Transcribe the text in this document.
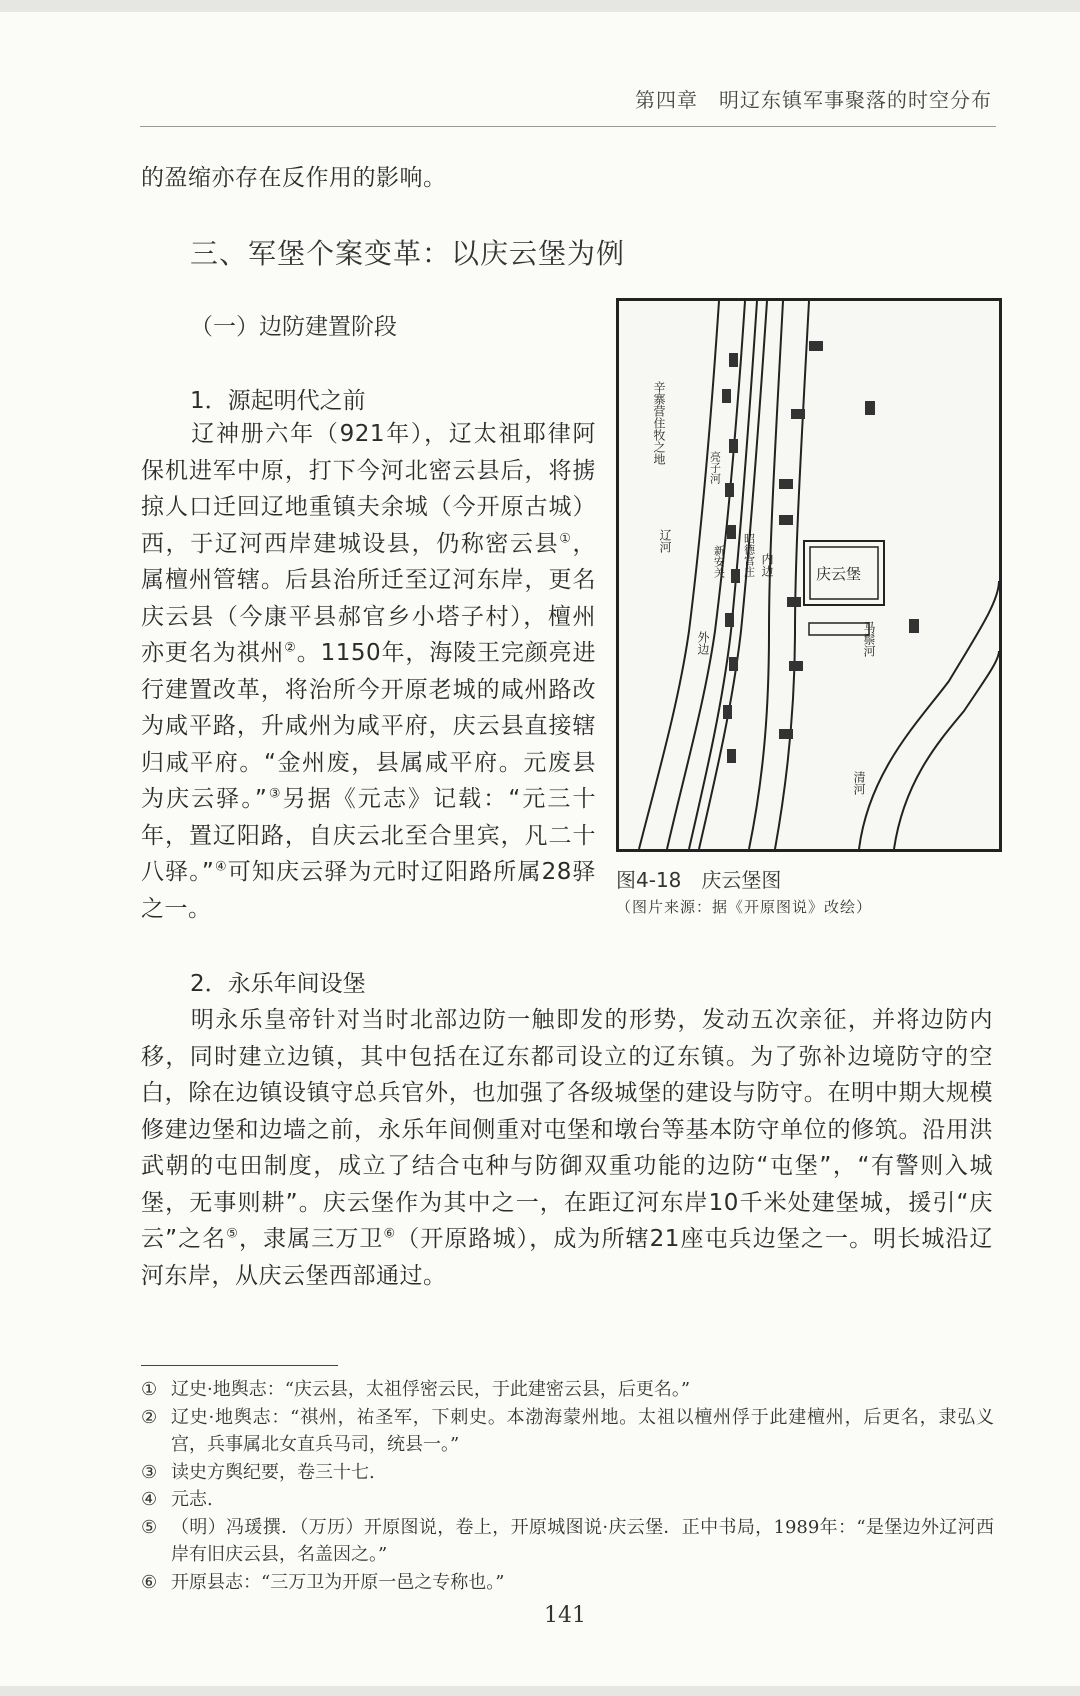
第四章　明辽东镇军事聚落的时空分布
的盈缩亦存在反作用的影响。
三、军堡个案变革：以庆云堡为例
（一）边防建置阶段
1．源起明代之前

辽神册六年（921年），辽太祖耶律阿保机进军中原，打下今河北密云县后，将掳掠人口迁回辽地重镇夫余城（今开原古城）西，于辽河西岸建城设县，仍称密云县①，属檀州管辖。后县治所迁至辽河东岸，更名庆云县（今康平县郝官乡小塔子村），檀州亦更名为祺州②。1150年，海陵王完颜亮进行建置改革，将治所今开原老城的咸州路改为咸平路，升咸州为咸平府，庆云县直接辖归咸平府。“金州废，县属咸平府。元废县为庆云驿。”③另据《元志》记载：“元三十年，置辽阳路，自庆云北至合里宾，凡二十八驿。”④可知庆云驿为元时辽阳路所属28驿之一。

庆云堡
辛寨营住牧之地
辽河
亮子河
新安关 昭德宫庄
外边
内边
马鬃河
清河
图4-18　庆云堡图
（图片来源：据《开原图说》改绘）
2．永乐年间设堡

明永乐皇帝针对当时北部边防一触即发的形势，发动五次亲征，并将边防内移，同时建立边镇，其中包括在辽东都司设立的辽东镇。为了弥补边境防守的空白，除在边镇设镇守总兵官外，也加强了各级城堡的建设与防守。在明中期大规模修建边堡和边墙之前，永乐年间侧重对屯堡和墩台等基本防守单位的修筑。沿用洪武朝的屯田制度，成立了结合屯种与防御双重功能的边防“屯堡”，“有警则入城堡，无事则耕”。庆云堡作为其中之一，在距辽河东岸10千米处建堡城，援引“庆云”之名⑤，隶属三万卫⑥（开原路城），成为所辖21座屯兵边堡之一。明长城沿辽河东岸，从庆云堡西部通过。

① 辽史·地舆志：“庆云县，太祖俘密云民，于此建密云县，后更名。”
② 辽史·地舆志：“祺州，祐圣军，下刺史。本渤海蒙州地。太祖以檀州俘于此建檀州，后更名，隶弘义宫，兵事属北女直兵马司，统县一。”
③ 读史方舆纪要，卷三十七.
④ 元志.
⑤ （明）冯瑗撰．（万历）开原图说，卷上，开原城图说·庆云堡．正中书局，1989年：“是堡边外辽河西岸有旧庆云县，名盖因之。”
⑥ 开原县志：“三万卫为开原一邑之专称也。”
141
